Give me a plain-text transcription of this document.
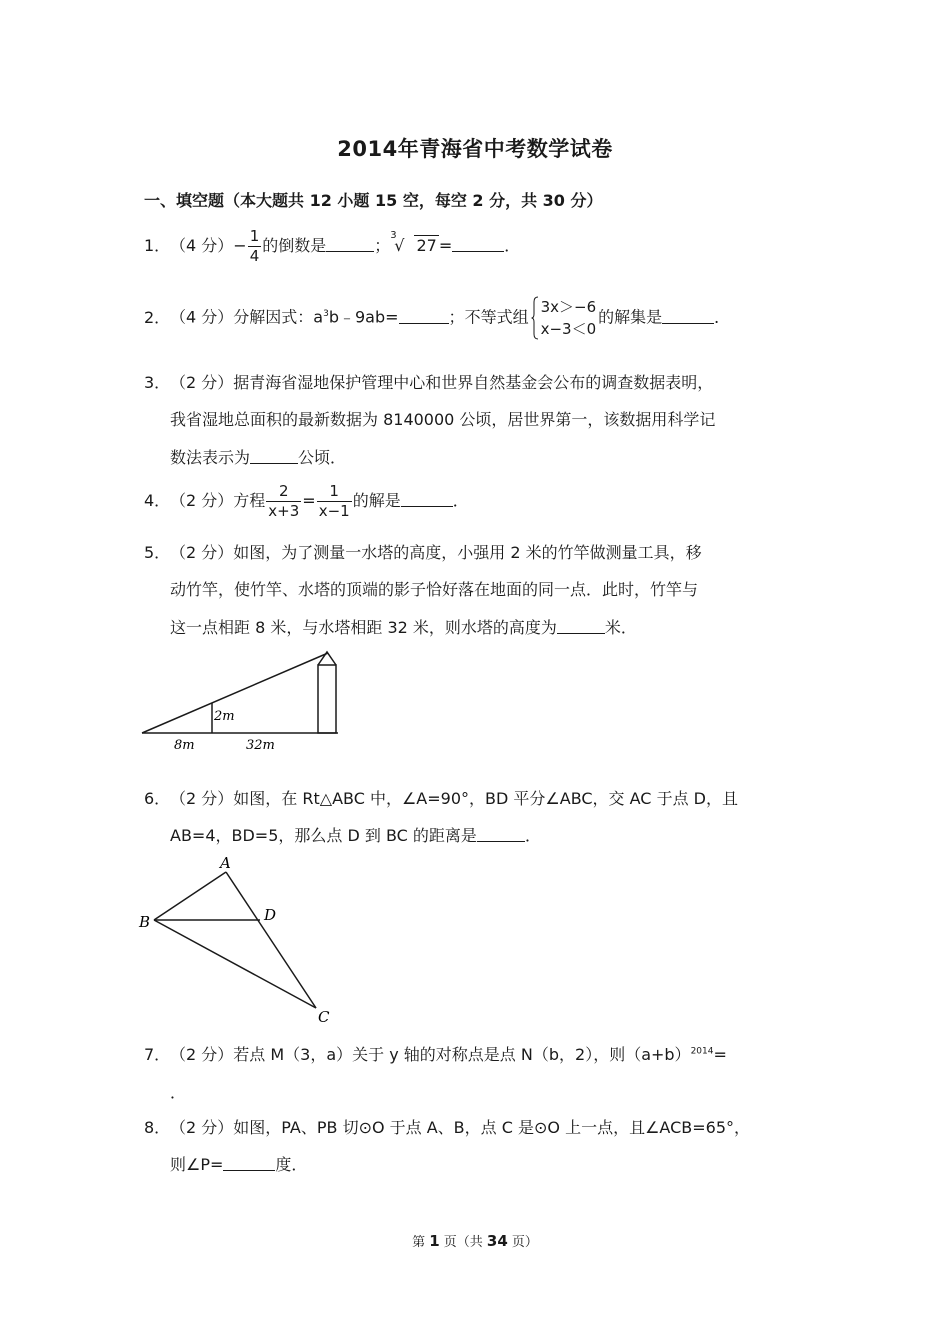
2014年青海省中考数学试卷
一、填空题（本大题共 12 小题 15 空，每空 2 分，共 30 分）
1．（4 分）− $\frac{1}{4}$ 的倒数是	；
3
√ 27 =	．
2．（4 分）分解因式：$a^3b﹣9ab=$	；不等式组
3x＞−6
x−3＜0
的解集是	．
3．（2 分）据青海省湿地保护管理中心和世界自然基金会公布的调查数据表明，
我省湿地总面积的最新数据为 8140000 公顷，居世界第一，该数据用科学记
数法表示为	公顷．
4．（2 分）方程 $\frac{2}{x+3} = \frac{1}{x-1}$ 的解是	．
5．（2 分）如图，为了测量一水塔的高度，小强用 2 米的竹竿做测量工具，移
动竹竿，使竹竿、水塔的顶端的影子恰好落在地面的同一点．此时，竹竿与
这一点相距 8 米，与水塔相距 32 米，则水塔的高度为	米．
2m
8m	32m
6．（2 分）如图，在 Rt△ABC 中，∠A=90°，BD 平分∠ABC，交 AC 于点 D，且
AB=4，BD=5，那么点 D 到 BC 的距离是	．
A
B	D
C
7．（2 分）若点 M（3，a）关于 y 轴的对称点是点 N（b，2），则$(a+b)^{2014}=$
．
8．（2 分）如图，PA、PB 切⊙O 于点 A、B，点 C 是⊙O 上一点，且∠ACB=65°，
则∠P=	度．
第 1 页（共 34 页）
